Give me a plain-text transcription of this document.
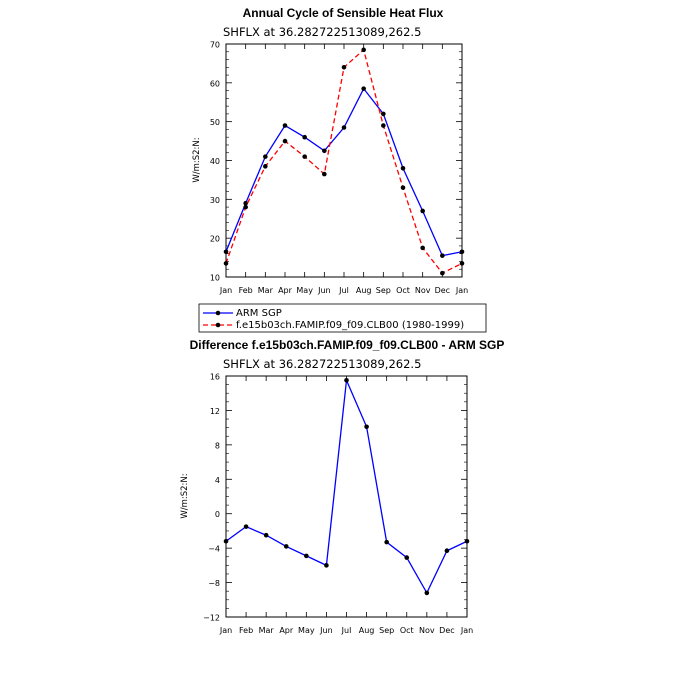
Annual Cycle of Sensible Heat Flux
SHFLX at 36.282722513089,262.5
W/m:S2:N:
Jan Feb Mar Apr May Jun Jul Aug Sep Oct Nov Dec Jan
10
20
30
40
50
60
70
ARM SGP
f.e15b03ch.FAMIP.f09_f09.CLB00 (1980-1999)
Difference f.e15b03ch.FAMIP.f09_f09.CLB00 - ARM SGP
SHFLX at 36.282722513089,262.5
W/m:S2:N:
Jan Feb Mar Apr May Jun Jul Aug Sep Oct Nov Dec Jan
−12
−8
−4
0
4
8
12
16
